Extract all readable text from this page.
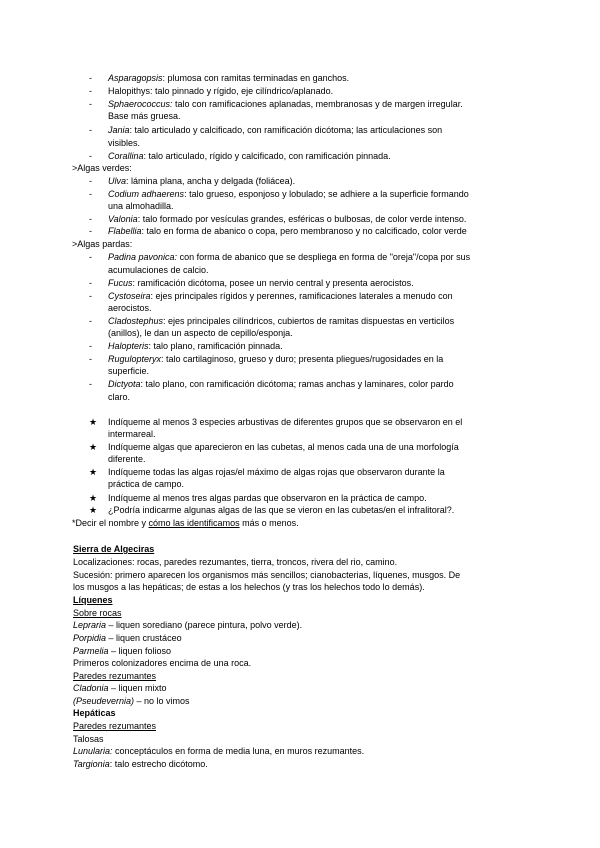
- Asparagopsis: plumosa con ramitas terminadas en ganchos.
- Halopithys: talo pinnado y rígido, eje cilíndrico/aplanado.
- Sphaerococcus: talo con ramificaciones aplanadas, membranosas y de margen irregular.
Base más gruesa.
- Jania: talo articulado y calcificado, con ramificación dicótoma; las articulaciones son
visibles.
- Corallina: talo articulado, rígido y calcificado, con ramificación pinnada.
>Algas verdes:
- Ulva: lámina plana, ancha y delgada (foliácea).
- Codium adhaerens: talo grueso, esponjoso y lobulado; se adhiere a la superficie formando
una almohadilla.
- Valonia: talo formado por vesículas grandes, esféricas o bulbosas, de color verde intenso.
- Flabellia: talo en forma de abanico o copa, pero membranoso y no calcificado, color verde
>Algas pardas:
- Padina pavonica: con forma de abanico que se despliega en forma de "oreja"/copa por sus
acumulaciones de calcio.
- Fucus: ramificación dicótoma, posee un nervio central y presenta aerocistos.
- Cystoseira: ejes principales rígidos y perennes, ramificaciones laterales a menudo con
aerocistos.
- Cladostephus: ejes principales cilíndricos, cubiertos de ramitas dispuestas en verticilos
(anillos), le dan un aspecto de cepillo/esponja.
- Halopteris: talo plano, ramificación pinnada.
- Rugulopteryx: talo cartilaginoso, grueso y duro; presenta pliegues/rugosidades en la
superficie.
- Dictyota: talo plano, con ramificación dicótoma; ramas anchas y laminares, color pardo
claro.
★ Indíqueme al menos 3 especies arbustivas de diferentes grupos que se observaron en el
intermareal.
★ Indíqueme algas que aparecieron en las cubetas, al menos cada una de una morfología
diferente.
★ Indíqueme todas las algas rojas/el máximo de algas rojas que observaron durante la
práctica de campo.
★ Indíqueme al menos tres algas pardas que observaron en la práctica de campo.
★ ¿Podría indicarme algunas algas de las que se vieron en las cubetas/en el infralitoral?.
*Decir el nombre y cómo las identificamos más o menos.
Sierra de Algeciras
Localizaciones: rocas, paredes rezumantes, tierra, troncos, rivera del rio, camino.
Sucesión: primero aparecen los organismos más sencillos; cianobacterias, líquenes, musgos. De
los musgos a las hepáticas; de estas a los helechos (y tras los helechos todo lo demás).
Líquenes
Sobre rocas
Lepraria – liquen sorediano (parece pintura, polvo verde).
Porpidia – liquen crustáceo
Parmelia – liquen folioso
Primeros colonizadores encima de una roca.
Paredes rezumantes
Cladonia – liquen mixto
(Pseudevernia) – no lo vimos
Hepáticas
Paredes rezumantes
Talosas
Lunularia: conceptáculos en forma de media luna, en muros rezumantes.
Targionia: talo estrecho dicótomo.
